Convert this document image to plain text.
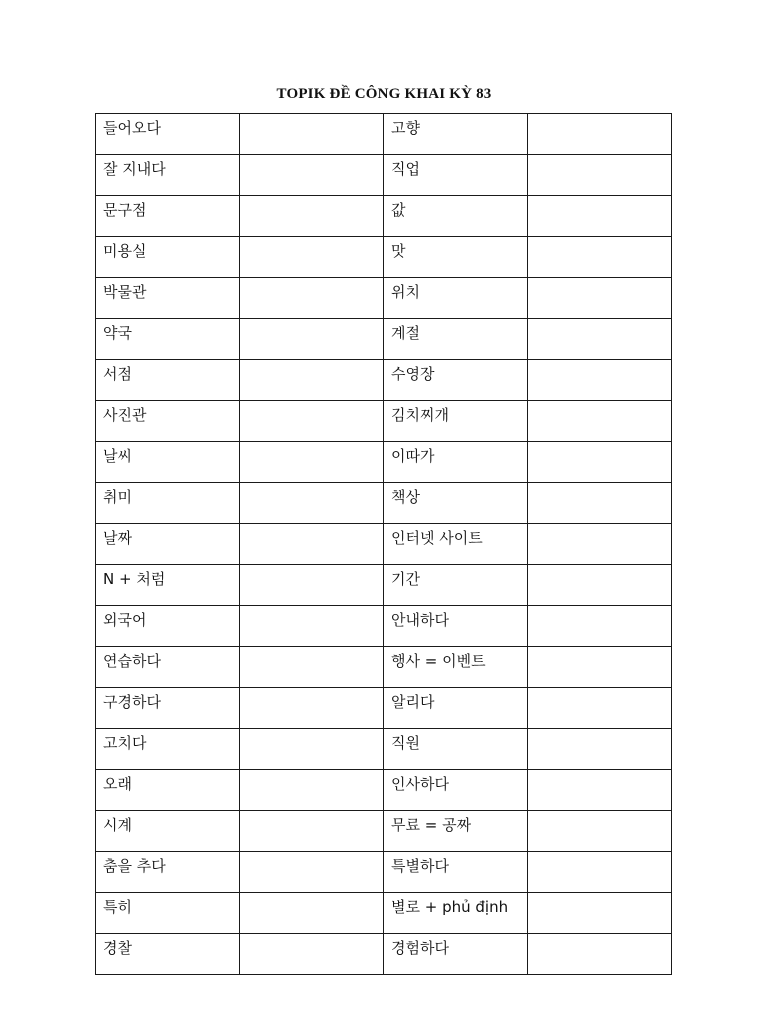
TOPIK ĐỀ CÔNG KHAI KỲ 83
들어오다		고향	

잘 지내다		직업	

문구점		값	

미용실		맛	

박물관		위치	

약국		계절	

서점		수영장	

사진관		김치찌개	

날씨		이따가	

취미		책상	

날짜		인터넷 사이트	

N + 처럼		기간	

외국어		안내하다	

연습하다		행사 = 이벤트	

구경하다		알리다	

고치다		직원	

오래		인사하다	

시계		무료 = 공짜	

춤을 추다		특별하다	

특히		별로 + phủ định	

경찰		경험하다	
